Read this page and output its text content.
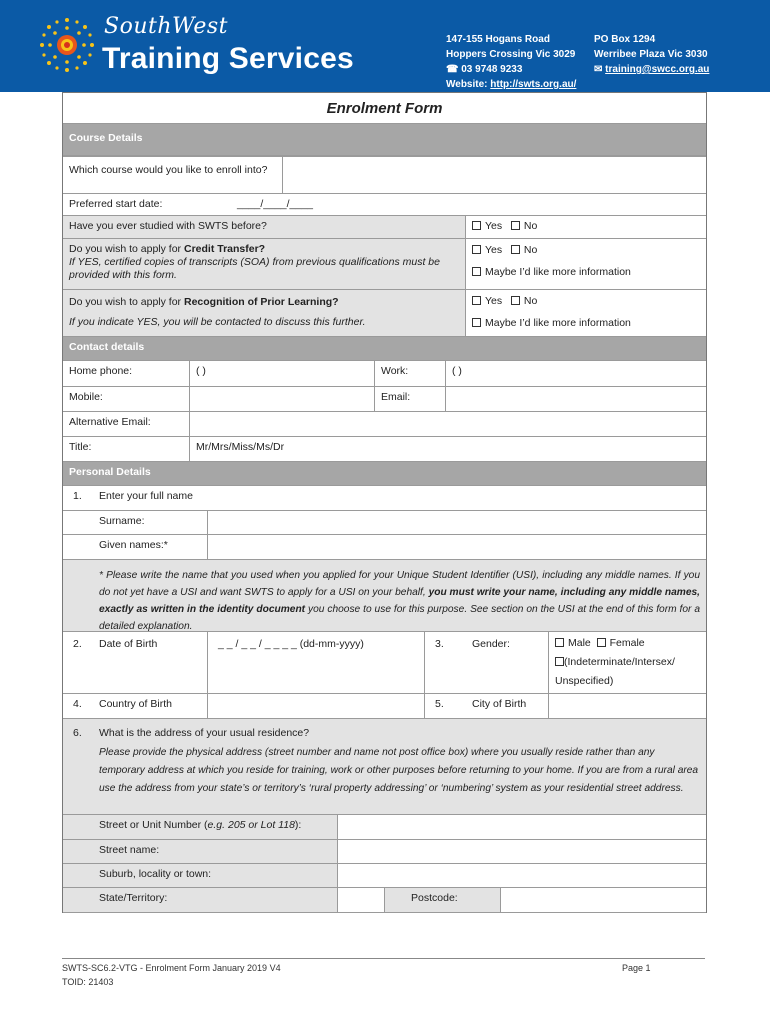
SouthWest
Training Services
147-155 Hogans Road
Hoppers Crossing Vic 3029
☎ 03 9748 9233
Website: http://swts.org.au/
PO Box 1294
Werribee Plaza Vic 3030
✉ training@swcc.org.au
Enrolment Form
Course Details
Which course would you like to enroll into?
Preferred start date:	____/____/____
Have you ever studied with SWTS before?	Yes No
Do you wish to apply for Credit Transfer?
If YES, certified copies of transcripts (SOA) from previous qualifications must be provided with this form.
Yes No
Maybe I’d like more information
Do you wish to apply for Recognition of Prior Learning?
If you indicate YES, you will be contacted to discuss this further.
Yes No
Maybe I’d like more information
Contact details
Home phone:	( )	Work:	( )
Mobile:	Email:
Alternative Email:
Title:	Mr/Mrs/Miss/Ms/Dr
Personal Details
1.	Enter your full name
Surname:
Given names:*
* Please write the name that you used when you applied for your Unique Student Identifier (USI), including any middle names. If you do not yet have a USI and want SWTS to apply for a USI on your behalf, you must write your name, including any middle names, exactly as written in the identity document you choose to use for this purpose. See section on the USI at the end of this form for a detailed explanation.
2.	Date of Birth	_ _ / _ _ / _ _ _ _ (dd-mm-yyyy)	3.	Gender:	Male Female
(Indeterminate/Intersex/ Unspecified)
4.	Country of Birth	5.	City of Birth
6.	What is the address of your usual residence?
Please provide the physical address (street number and name not post office box) where you usually reside rather than any temporary address at which you reside for training, work or other purposes before returning to your home. If you are from a rural area use the address from your state’s or territory’s ‘rural property addressing’ or ‘numbering’ system as your residential street address.
Street or Unit Number (e.g. 205 or Lot 118):
Street name:
Suburb, locality or town:
State/Territory:	Postcode:
SWTS-SC6.2-VTG - Enrolment Form January 2019 V4
TOID: 21403
Page 1
